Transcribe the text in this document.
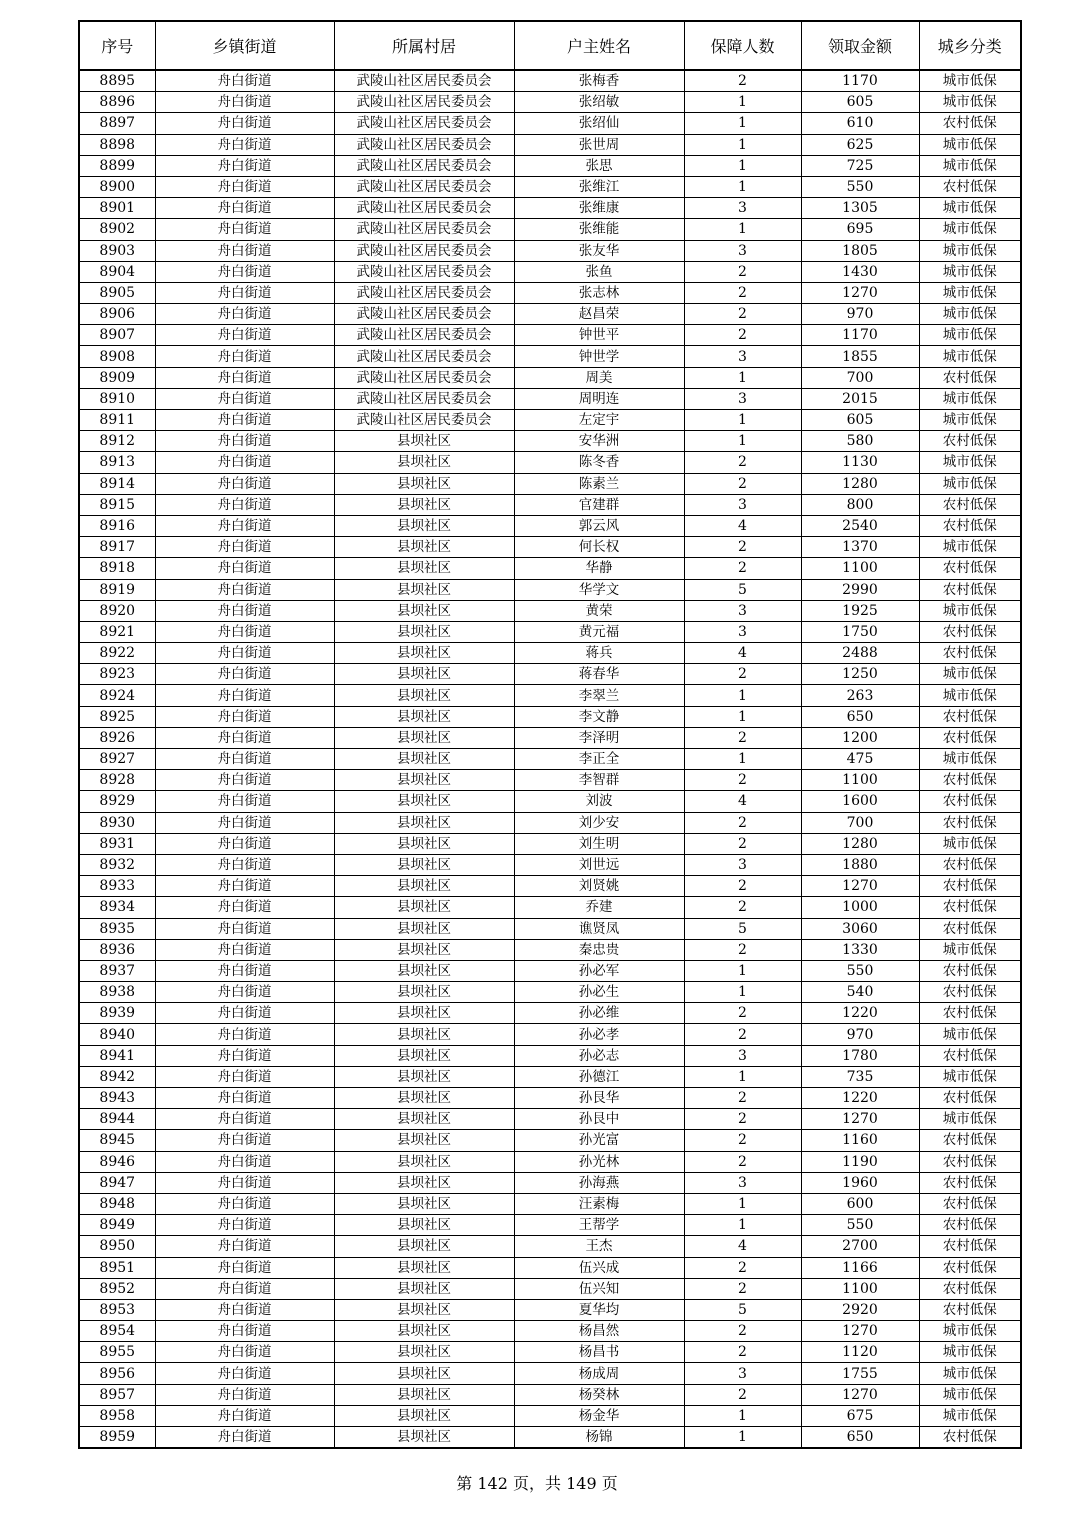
序号	乡镇街道	所属村居	户主姓名	保障人数	领取金额	城乡分类
8895	舟白街道	武陵山社区居民委员会	张梅香	2	1170	城市低保
8896	舟白街道	武陵山社区居民委员会	张绍敏	1	605	城市低保
8897	舟白街道	武陵山社区居民委员会	张绍仙	1	610	农村低保
8898	舟白街道	武陵山社区居民委员会	张世周	1	625	城市低保
8899	舟白街道	武陵山社区居民委员会	张思	1	725	城市低保
8900	舟白街道	武陵山社区居民委员会	张维江	1	550	农村低保
8901	舟白街道	武陵山社区居民委员会	张维康	3	1305	城市低保
8902	舟白街道	武陵山社区居民委员会	张维能	1	695	城市低保
8903	舟白街道	武陵山社区居民委员会	张友华	3	1805	城市低保
8904	舟白街道	武陵山社区居民委员会	张鱼	2	1430	城市低保
8905	舟白街道	武陵山社区居民委员会	张志林	2	1270	城市低保
8906	舟白街道	武陵山社区居民委员会	赵昌荣	2	970	城市低保
8907	舟白街道	武陵山社区居民委员会	钟世平	2	1170	城市低保
8908	舟白街道	武陵山社区居民委员会	钟世学	3	1855	城市低保
8909	舟白街道	武陵山社区居民委员会	周美	1	700	农村低保
8910	舟白街道	武陵山社区居民委员会	周明连	3	2015	城市低保
8911	舟白街道	武陵山社区居民委员会	左定宇	1	605	城市低保
8912	舟白街道	县坝社区	安华洲	1	580	农村低保
8913	舟白街道	县坝社区	陈冬香	2	1130	城市低保
8914	舟白街道	县坝社区	陈素兰	2	1280	城市低保
8915	舟白街道	县坝社区	官建群	3	800	农村低保
8916	舟白街道	县坝社区	郭云风	4	2540	农村低保
8917	舟白街道	县坝社区	何长权	2	1370	城市低保
8918	舟白街道	县坝社区	华静	2	1100	农村低保
8919	舟白街道	县坝社区	华学文	5	2990	农村低保
8920	舟白街道	县坝社区	黄荣	3	1925	城市低保
8921	舟白街道	县坝社区	黄元福	3	1750	农村低保
8922	舟白街道	县坝社区	蒋兵	4	2488	农村低保
8923	舟白街道	县坝社区	蒋春华	2	1250	城市低保
8924	舟白街道	县坝社区	李翠兰	1	263	城市低保
8925	舟白街道	县坝社区	李文静	1	650	农村低保
8926	舟白街道	县坝社区	李泽明	2	1200	农村低保
8927	舟白街道	县坝社区	李正全	1	475	城市低保
8928	舟白街道	县坝社区	李智群	2	1100	农村低保
8929	舟白街道	县坝社区	刘波	4	1600	农村低保
8930	舟白街道	县坝社区	刘少安	2	700	农村低保
8931	舟白街道	县坝社区	刘生明	2	1280	城市低保
8932	舟白街道	县坝社区	刘世远	3	1880	农村低保
8933	舟白街道	县坝社区	刘贤姚	2	1270	农村低保
8934	舟白街道	县坝社区	乔建	2	1000	农村低保
8935	舟白街道	县坝社区	谯贤凤	5	3060	农村低保
8936	舟白街道	县坝社区	秦忠贵	2	1330	城市低保
8937	舟白街道	县坝社区	孙必军	1	550	农村低保
8938	舟白街道	县坝社区	孙必生	1	540	农村低保
8939	舟白街道	县坝社区	孙必维	2	1220	农村低保
8940	舟白街道	县坝社区	孙必孝	2	970	城市低保
8941	舟白街道	县坝社区	孙必志	3	1780	农村低保
8942	舟白街道	县坝社区	孙德江	1	735	城市低保
8943	舟白街道	县坝社区	孙艮华	2	1220	农村低保
8944	舟白街道	县坝社区	孙艮中	2	1270	城市低保
8945	舟白街道	县坝社区	孙光富	2	1160	农村低保
8946	舟白街道	县坝社区	孙光林	2	1190	农村低保
8947	舟白街道	县坝社区	孙海燕	3	1960	农村低保
8948	舟白街道	县坝社区	汪素梅	1	600	农村低保
8949	舟白街道	县坝社区	王帮学	1	550	农村低保
8950	舟白街道	县坝社区	王杰	4	2700	农村低保
8951	舟白街道	县坝社区	伍兴成	2	1166	农村低保
8952	舟白街道	县坝社区	伍兴知	2	1100	农村低保
8953	舟白街道	县坝社区	夏华均	5	2920	农村低保
8954	舟白街道	县坝社区	杨昌然	2	1270	城市低保
8955	舟白街道	县坝社区	杨昌书	2	1120	城市低保
8956	舟白街道	县坝社区	杨成周	3	1755	城市低保
8957	舟白街道	县坝社区	杨癸林	2	1270	城市低保
8958	舟白街道	县坝社区	杨金华	1	675	城市低保
8959	舟白街道	县坝社区	杨锦	1	650	农村低保
第 142 页，共 149 页
